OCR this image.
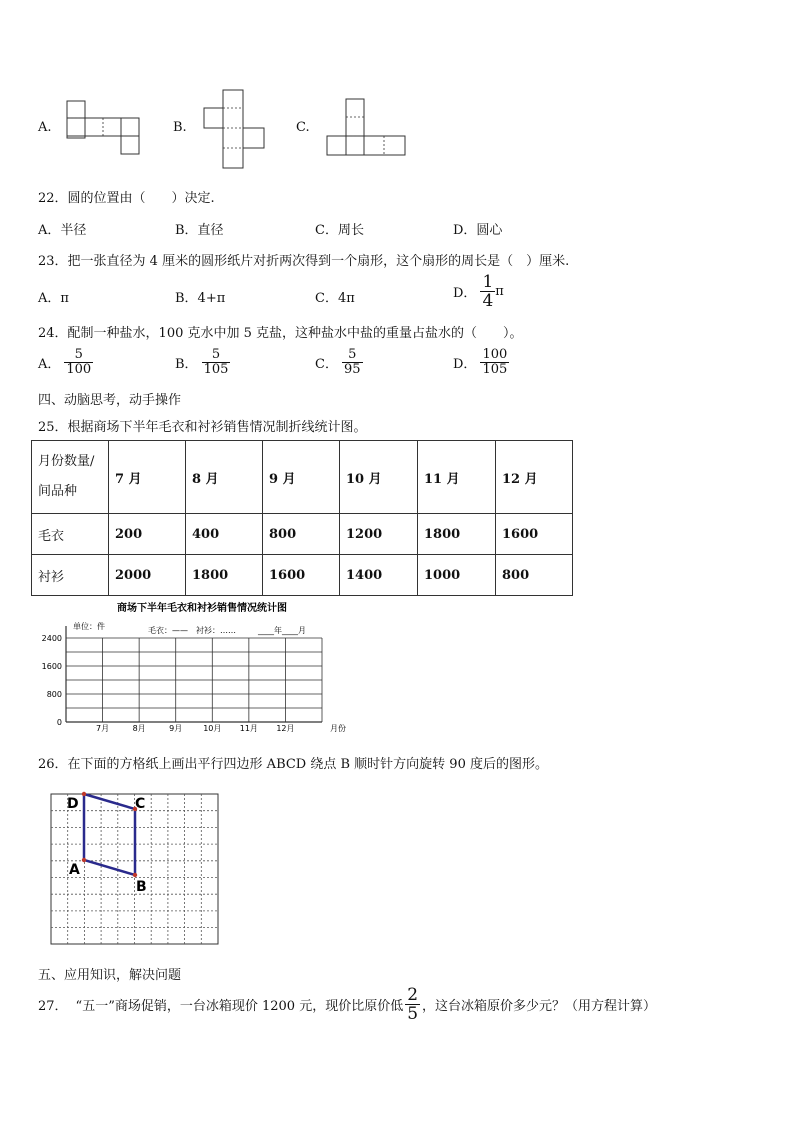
A.	B.	C.
22．圆的位置由（　　）决定.
A．半径	B．直径	C．周长	D．圆心
23．把一张直径为 4 厘米的圆形纸片对折两次得到一个扇形，这个扇形的周长是（　）厘米.
A．π	B．4+π	C．4π	D． $\frac{1}{4}$ π
24．配制一种盐水，100 克水中加 5 克盐，这种盐水中盐的重量占盐水的（　　）。
A． $\frac{5}{100}$	B． $\frac{5}{105}$	C． $\frac{5}{95}$	D． $\frac{100}{105}$
四、动脑思考，动手操作
25．根据商场下半年毛衣和衬衫销售情况制折线统计图。
月份数量/
间品种	7 月	8 月	9 月	10 月	11 月	12 月
毛衣	200	400	800	1200	1800	1600
衬衫	2000	1800	1600	1400	1000	800
商场下半年毛衣和衬衫销售情况统计图
单位：件	毛衣：——　衬衫：……	____年____月
0
800
1600
2400
7月	8月	9月	10月 11月 12月	月份
26．在下面的方格纸上画出平行四边形 ABCD 绕点 B 顺时针方向旋转 90 度后的图形。
D	C
A
B
五、应用知识，解决问题
27． “五一”商场促销，一台冰箱现价 1200 元，现价比原价低 $\frac{2}{5}$ ，这台冰箱原价多少元？（用方程计算）
